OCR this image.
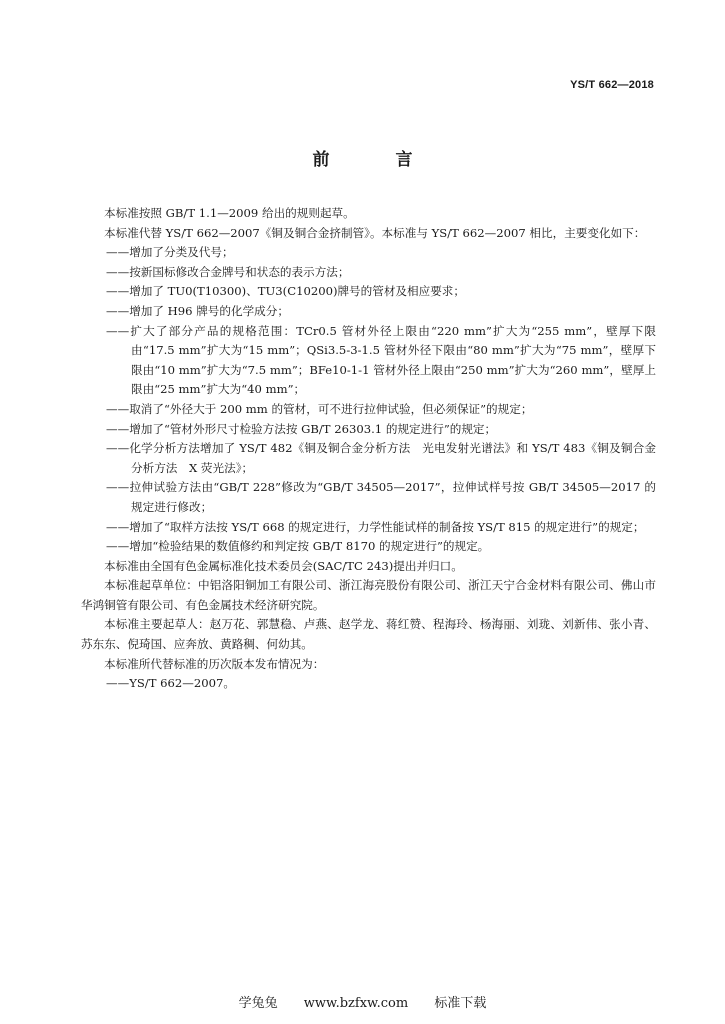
YS/T 662—2018
前 言

本标准按照 GB/T 1.1—2009 给出的规则起草。

本标准代替 YS/T 662—2007《铜及铜合金挤制管》。本标准与 YS/T 662—2007 相比，主要变化如下：

——增加了分类及代号；

——按新国标修改合金牌号和状态的表示方法；

——增加了 TU0(T10300)、TU3(C10200)牌号的管材及相应要求；

——增加了 H96 牌号的化学成分；

——扩大了部分产品的规格范围：TCr0.5 管材外径上限由“220 mm”扩大为“255 mm”，壁厚下限由“17.5 mm”扩大为“15 mm”；QSi3.5-3-1.5 管材外径下限由“80 mm”扩大为“75 mm”，壁厚下限由“10 mm”扩大为“7.5 mm”；BFe10-1-1 管材外径上限由“250 mm”扩大为“260 mm”，壁厚上限由“25 mm”扩大为“40 mm”；

——取消了“外径大于 200 mm 的管材，可不进行拉伸试验，但必须保证”的规定；

——增加了“管材外形尺寸检验方法按 GB/T 26303.1 的规定进行”的规定；

——化学分析方法增加了 YS/T 482《铜及铜合金分析方法　光电发射光谱法》和 YS/T 483《铜及铜合金分析方法　X 荧光法》；

——拉伸试验方法由“GB/T 228”修改为“GB/T 34505—2017”，拉伸试样号按 GB/T 34505—2017 的规定进行修改；

——增加了“取样方法按 YS/T 668 的规定进行，力学性能试样的制备按 YS/T 815 的规定进行”的规定；

——增加“检验结果的数值修约和判定按 GB/T 8170 的规定进行”的规定。

本标准由全国有色金属标准化技术委员会(SAC/TC 243)提出并归口。

本标准起草单位：中铝洛阳铜加工有限公司、浙江海亮股份有限公司、浙江天宁合金材料有限公司、佛山市华鸿铜管有限公司、有色金属技术经济研究院。

本标准主要起草人：赵万花、郭慧稳、卢燕、赵学龙、蒋红赞、程海玲、杨海丽、刘珑、刘新伟、张小青、苏东东、倪琦国、应奔放、黄路稠、何幼其。

本标准所代替标准的历次版本发布情况为：

——YS/T 662—2007。

学兔兔 www.bzfxw.com 标准下载
